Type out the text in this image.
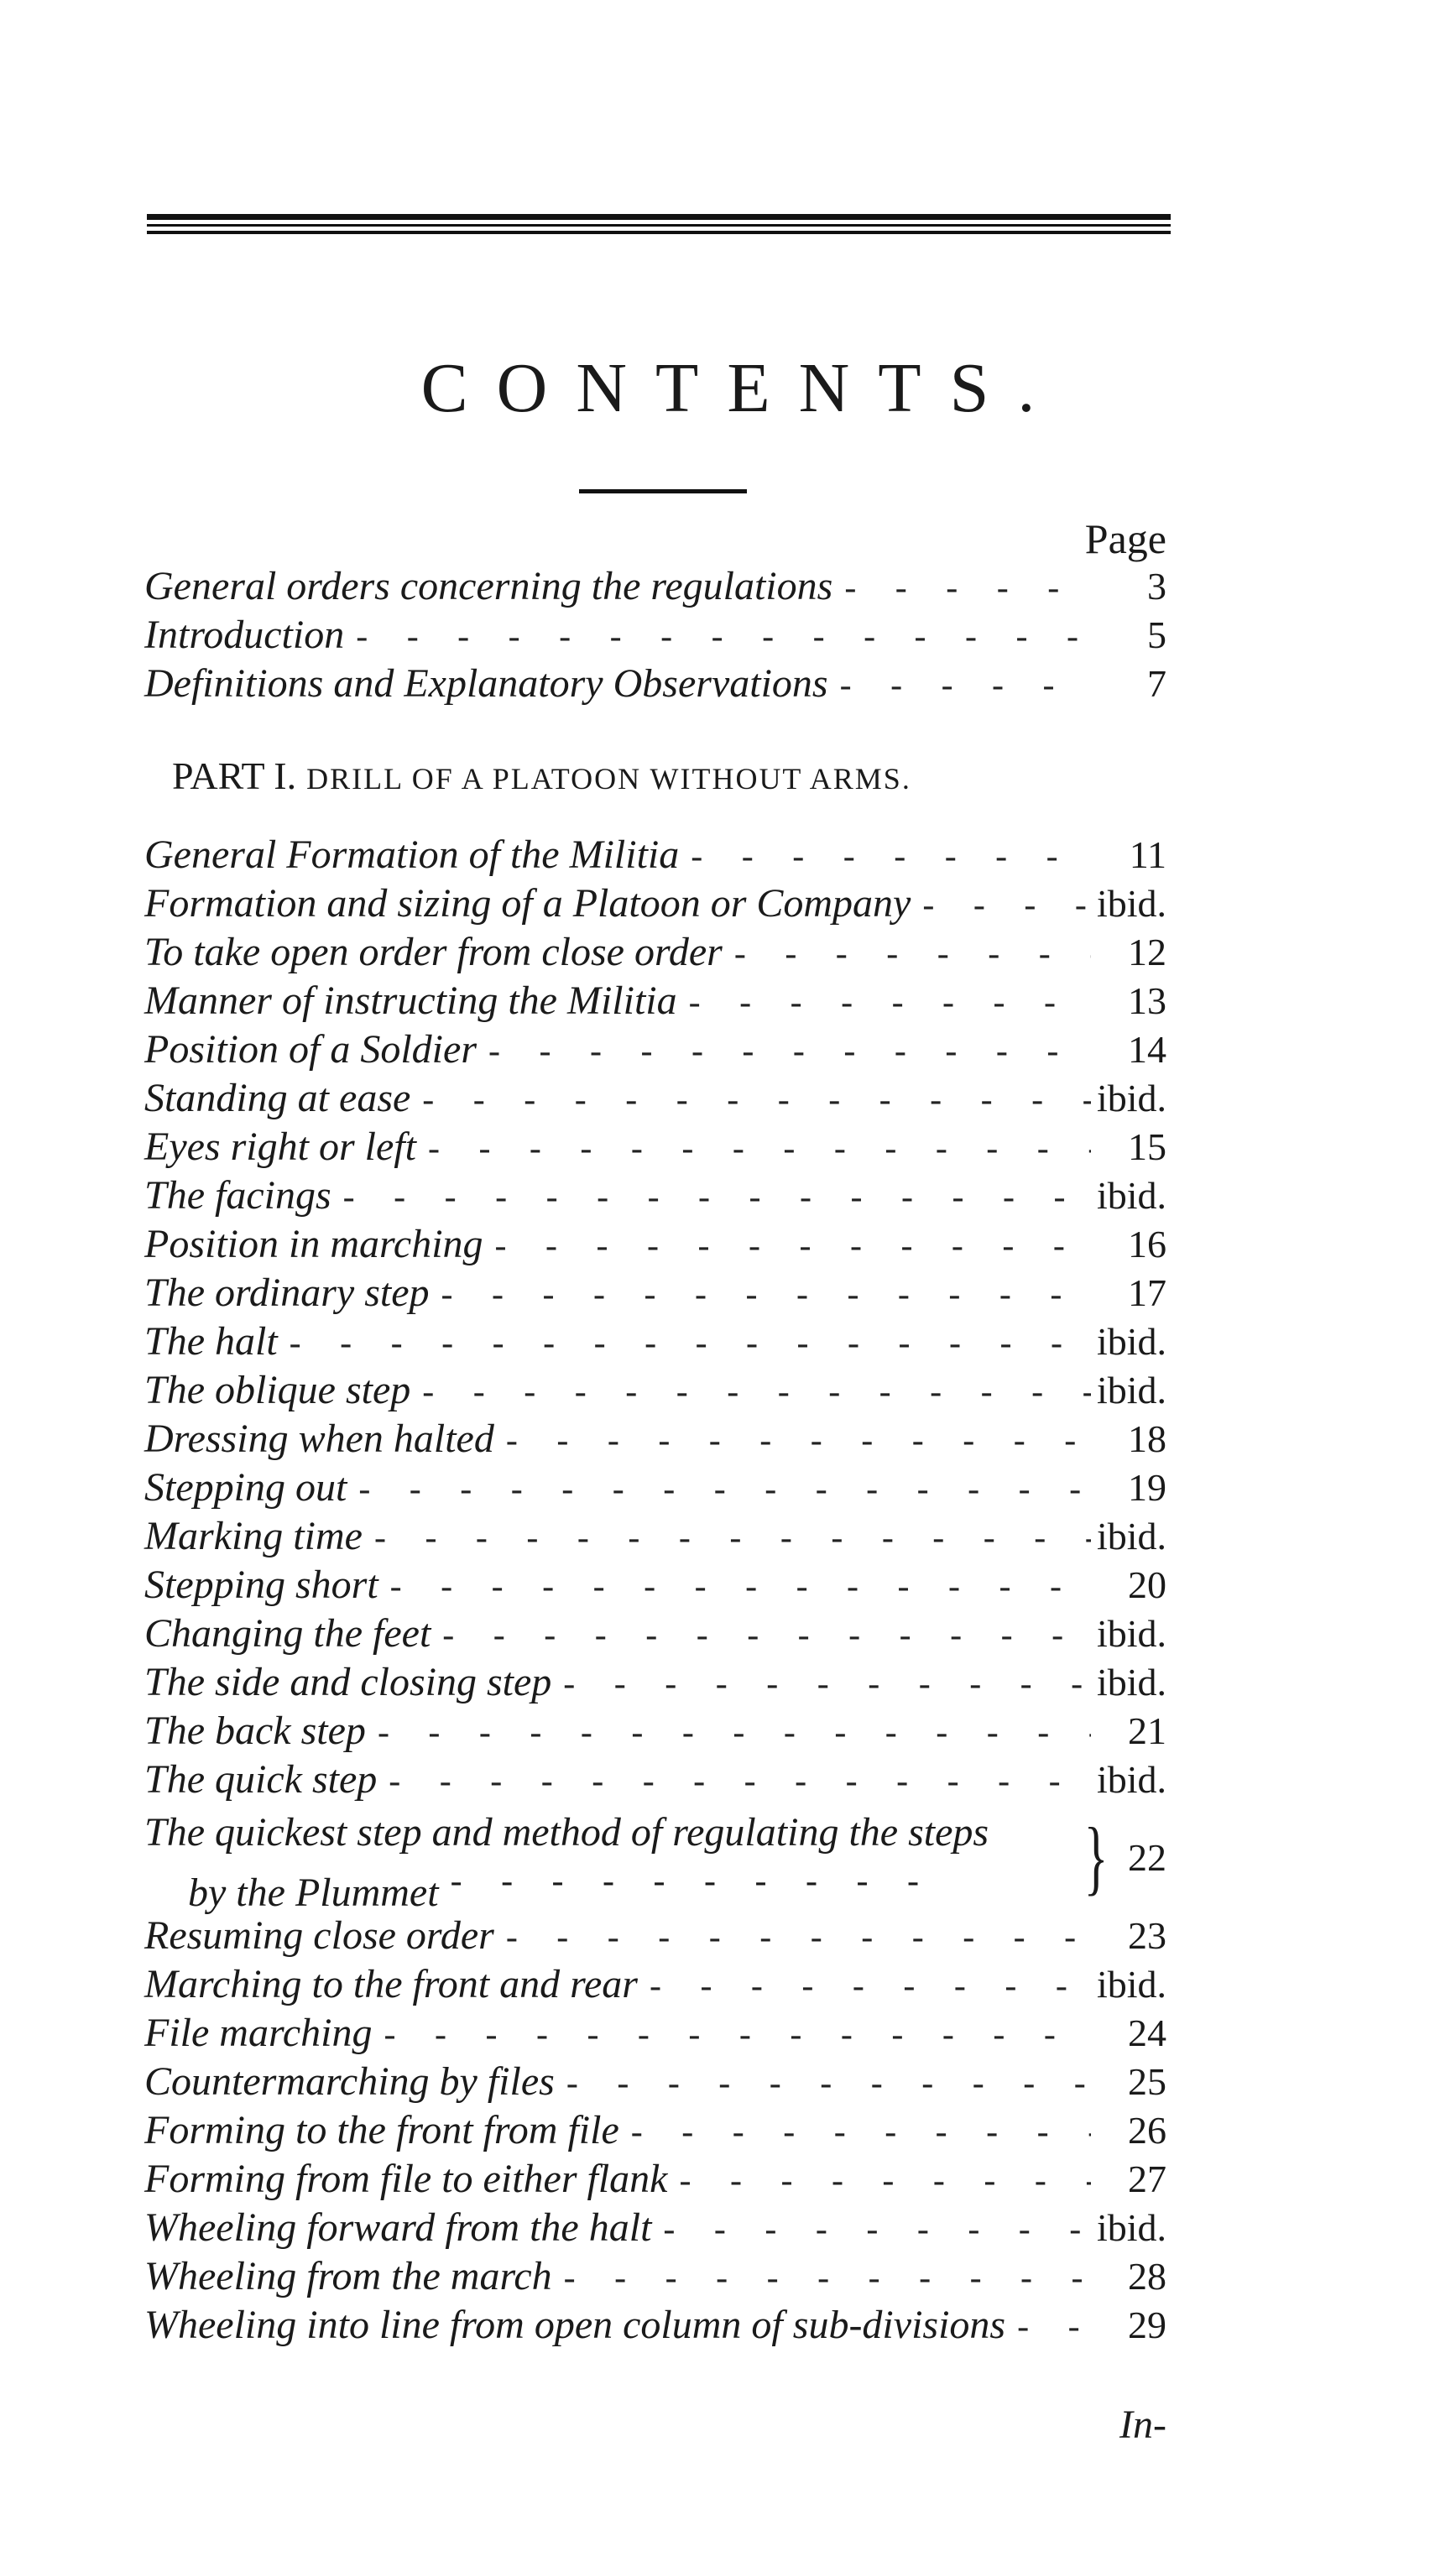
CONTENTS.
Page
General orders concerning the regulations - - -	3
Introduction - - -	5
Definitions and Explanatory Observations - - -	7
PART I. DRILL OF A PLATOON WITHOUT ARMS.
General Formation of the Militia - - -	11
Formation and sizing of a Platoon or Company - - -	ibid.
To take open order from close order - - -	12
Manner of instructing the Militia - - -	13
Position of a Soldier - - -	14
Standing at ease - - -	ibid.
Eyes right or left - - -	15
The facings - - -	ibid.
Position in marching - - -	16
The ordinary step - - -	17
The halt - - -	ibid.
The oblique step - - -	ibid.
Dressing when halted - - -	18
Stepping out - - -	19
Marking time - - -	ibid.
Stepping short - - -	20
Changing the feet - - -	ibid.
The side and closing step - - -	ibid.
The back step - - -	21
The quick step - - -	ibid.
The quickest step and method of regulating the steps
by the Plummet - - -	} 22
Resuming close order - - -	23
Marching to the front and rear - - -	ibid.
File marching - - -	24
Countermarching by files - - -	25
Forming to the front from file - - -	26
Forming from file to either flank - - -	27
Wheeling forward from the halt - - -	ibid.
Wheeling from the march - - -	28
Wheeling into line from open column of sub-divisions - - -	29
In-
